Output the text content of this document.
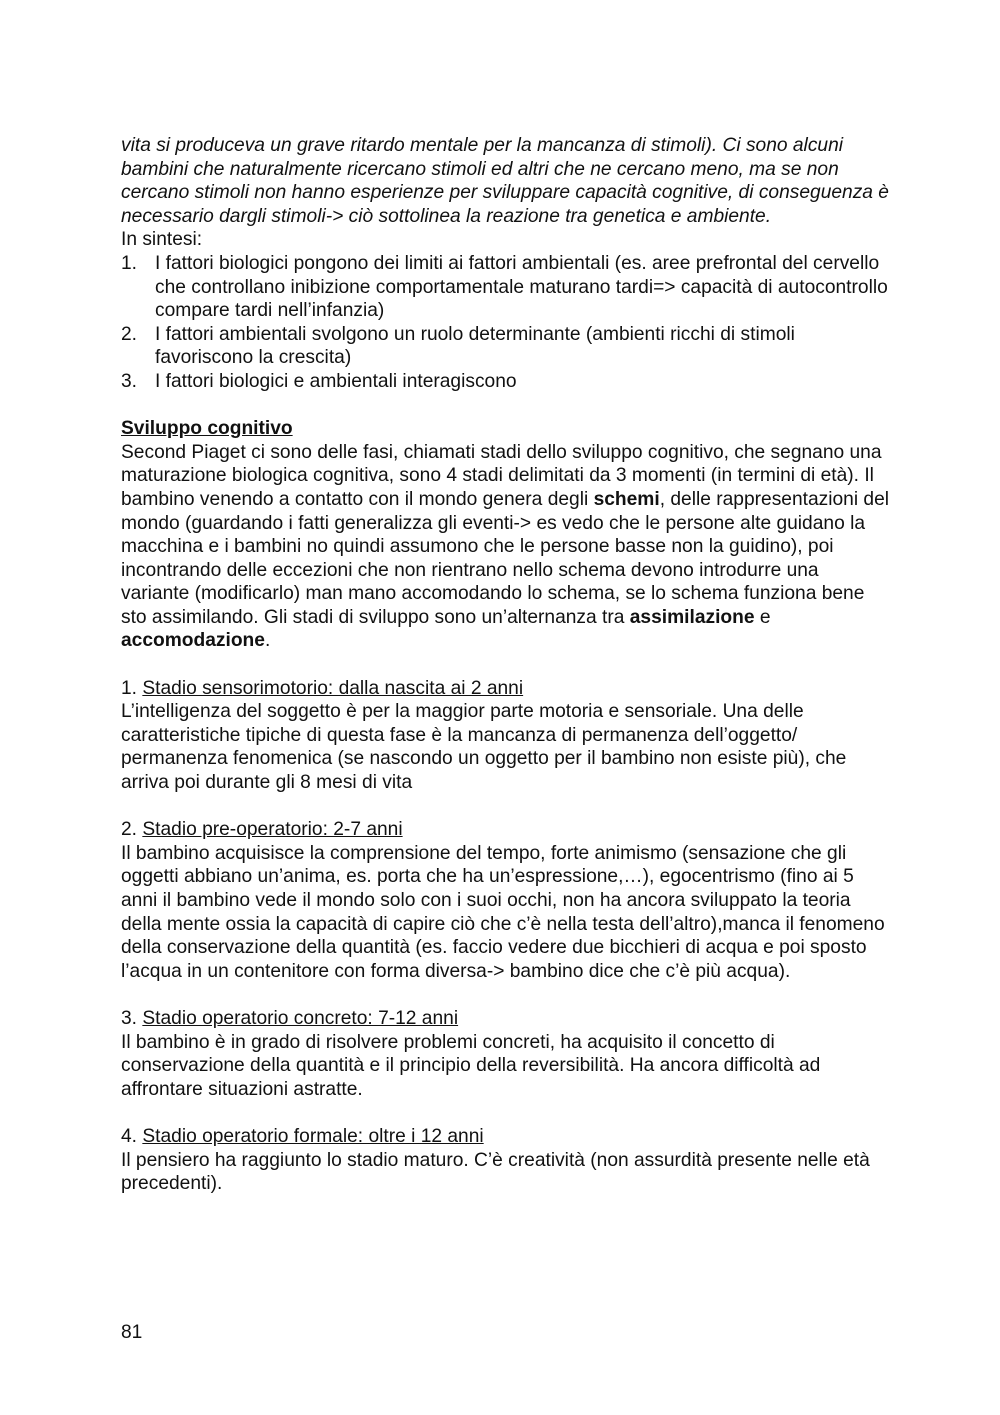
vita si produceva un grave ritardo mentale per la mancanza di stimoli). Ci sono alcuni bambini che naturalmente ricercano stimoli ed altri che ne cercano meno, ma se non cercano stimoli non hanno esperienze per sviluppare capacità cognitive, di conseguenza è necessario dargli stimoli-> ciò sottolinea la reazione tra genetica e ambiente.

In sintesi:

1. I fattori biologici pongono dei limiti ai fattori ambientali (es. aree prefrontal del cervello che controllano inibizione comportamentale maturano tardi=> capacità di autocontrollo compare tardi nell’infanzia)
2. I fattori ambientali svolgono un ruolo determinante (ambienti ricchi di stimoli favoriscono la crescita)
3. I fattori biologici e ambientali interagiscono

Sviluppo cognitivo

Second Piaget ci sono delle fasi, chiamati stadi dello sviluppo cognitivo, che segnano una maturazione biologica cognitiva, sono 4 stadi delimitati da 3 momenti (in termini di età). Il bambino venendo a contatto con il mondo genera degli schemi, delle rappresentazioni del mondo (guardando i fatti generalizza gli eventi-> es vedo che le persone alte guidano la macchina e i bambini no quindi assumono che le persone basse non la guidino), poi incontrando delle eccezioni che non rientrano nello schema devono introdurre una variante (modificarlo) man mano accomodando lo schema, se lo schema funziona bene sto assimilando. Gli stadi di sviluppo sono un’alternanza tra assimilazione e accomodazione.

1. Stadio sensorimotorio: dalla nascita ai 2 anni

L’intelligenza del soggetto è per la maggior parte motoria e sensoriale. Una delle caratteristiche tipiche di questa fase è la mancanza di permanenza dell’oggetto/ permanenza fenomenica (se nascondo un oggetto per il bambino non esiste più), che arriva poi durante gli 8 mesi di vita

2. Stadio pre-operatorio: 2-7 anni

Il bambino acquisisce la comprensione del tempo, forte animismo (sensazione che gli oggetti abbiano un’anima, es. porta che ha un’espressione,…), egocentrismo (fino ai 5 anni il bambino vede il mondo solo con i suoi occhi, non ha ancora sviluppato la teoria della mente ossia la capacità di capire ciò che c’è nella testa dell’altro),manca il fenomeno della conservazione della quantità (es. faccio vedere due bicchieri di acqua e poi sposto l’acqua in un contenitore con forma diversa-> bambino dice che c’è più acqua).

3. Stadio operatorio concreto: 7-12 anni

Il bambino è in grado di risolvere problemi concreti, ha acquisito il concetto di conservazione della quantità e il principio della reversibilità. Ha ancora difficoltà ad affrontare situazioni astratte.

4. Stadio operatorio formale: oltre i 12 anni

Il pensiero ha raggiunto lo stadio maturo. C’è creatività (non assurdità presente nelle età precedenti).

81
